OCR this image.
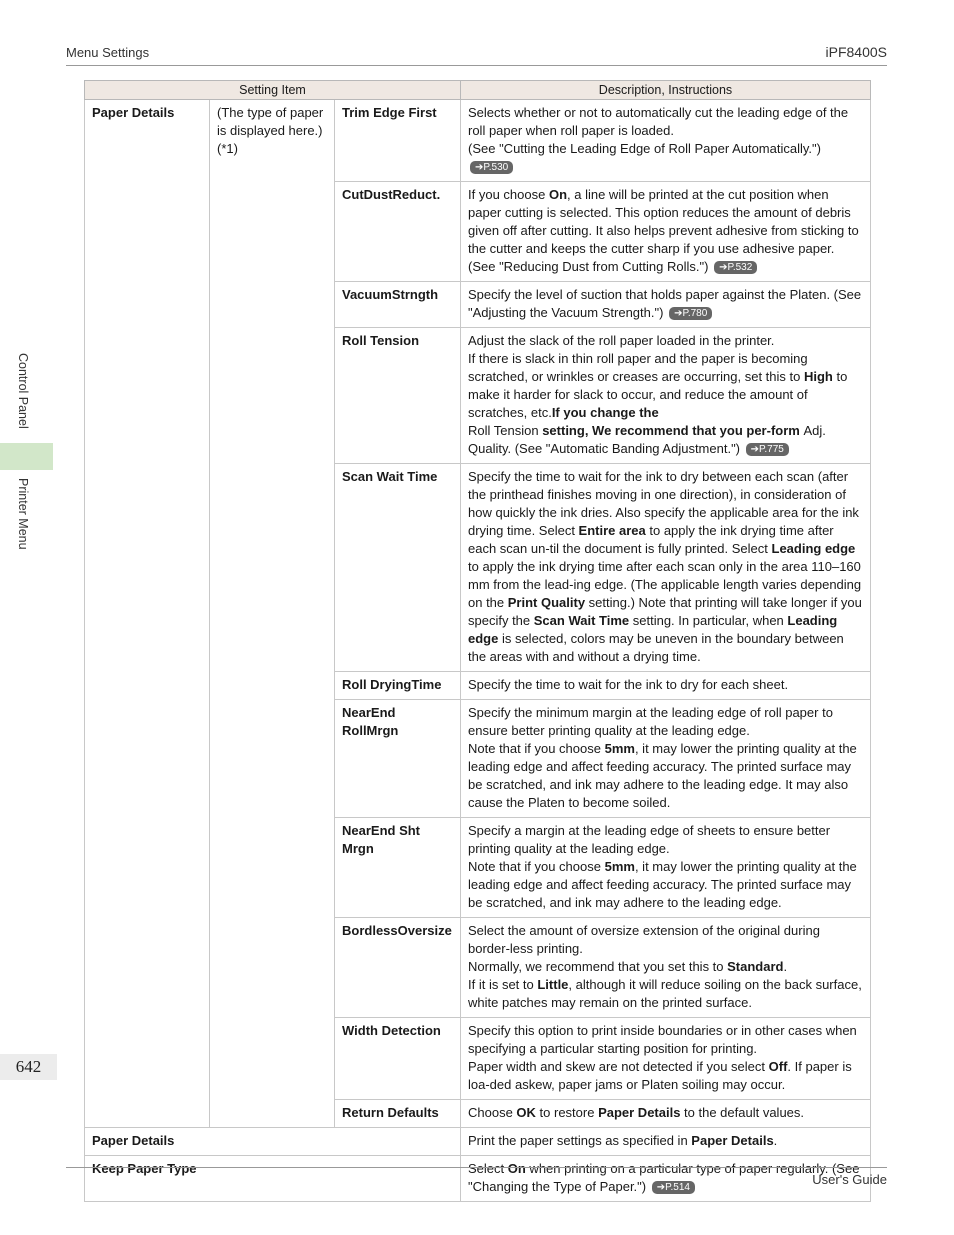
Menu Settings	iPF8400S
Control Panel
Printer Menu
642
Setting Item			Description, Instructions
Paper Details	(The type of paper is displayed here.) (*1)	Trim Edge First	Selects whether or not to automatically cut the leading edge of the roll paper when roll paper is loaded.

(See "Cutting the Leading Edge of Roll Paper Automatically.") ➔P.530

		CutDustReduct.	If you choose On, a line will be printed at the cut position when paper cutting is selected. This option reduces the amount of debris given off after cutting. It also helps prevent adhesive from sticking to the cutter and keeps the cutter sharp if you use adhesive paper. (See "Reducing Dust from Cutting Rolls.") ➔P.532

		VacuumStrngth	Specify the level of suction that holds paper against the Platen. (See "Adjusting the Vacuum Strength.") ➔P.780

		Roll Tension	Adjust the slack of the roll paper loaded in the printer.

If there is slack in thin roll paper and the paper is becoming scratched, or wrinkles or creases are occurring, set this to High to make it harder for slack to occur, and reduce the amount of scratches, etc.If you change the

Roll Tension setting, We recommend that you per-form Adj. Quality. (See "Automatic Banding Adjustment.") ➔P.775

		Scan Wait Time	Specify the time to wait for the ink to dry between each scan (after the printhead finishes moving in one direction), in consideration of how quickly the ink dries. Also specify the applicable area for the ink drying time. Select Entire area to apply the ink drying time after each scan un-til the document is fully printed. Select Leading edge to apply the ink drying time after each scan only in the area 110–160 mm from the lead-ing edge. (The applicable length varies depending on the Print Quality setting.) Note that printing will take longer if you specify the Scan Wait Time setting. In particular, when Leading edge is selected, colors may be uneven in the boundary between the areas with and without a drying time.

		Roll DryingTime	Specify the time to wait for the ink to dry for each sheet.

		NearEnd RollMrgn	Specify the minimum margin at the leading edge of roll paper to ensure better printing quality at the leading edge.

Note that if you choose 5mm, it may lower the printing quality at the leading edge and affect feeding accuracy. The printed surface may be scratched, and ink may adhere to the leading edge. It may also cause the Platen to become soiled.

		NearEnd Sht Mrgn	Specify a margin at the leading edge of sheets to ensure better printing quality at the leading edge.

Note that if you choose 5mm, it may lower the printing quality at the leading edge and affect feeding accuracy. The printed surface may be scratched, and ink may adhere to the leading edge.

		BordlessOversize	Select the amount of oversize extension of the original during border-less printing.

Normally, we recommend that you set this to Standard.

If it is set to Little, although it will reduce soiling on the back surface, white patches may remain on the printed surface.

		Width Detection	Specify this option to print inside boundaries or in other cases when specifying a particular starting position for printing.

Paper width and skew are not detected if you select Off. If paper is loa-ded askew, paper jams or Platen soiling may occur.

		Return Defaults	Choose OK to restore Paper Details to the default values.

Paper Details			Print the paper settings as specified in Paper Details.

Keep Paper Type			Select On when printing on a particular type of paper regularly. (See "Changing the Type of Paper.") ➔P.514

User's Guide
